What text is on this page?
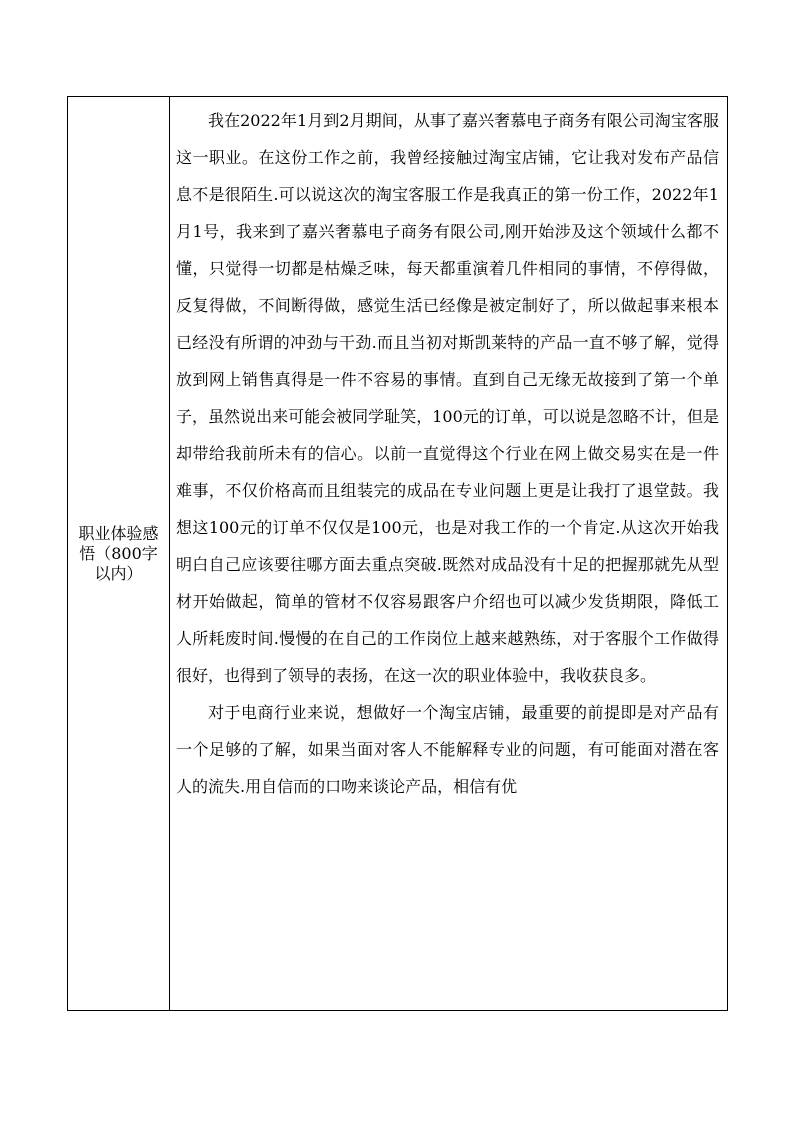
职业体验感悟（800字以内）

我在2022年1月到2月期间，从事了嘉兴奢慕电子商务有限公司淘宝客服这一职业。在这份工作之前，我曾经接触过淘宝店铺，它让我对发布产品信息不是很陌生.可以说这次的淘宝客服工作是我真正的第一份工作，2022年1月1号，我来到了嘉兴奢慕电子商务有限公司,刚开始涉及这个领域什么都不懂，只觉得一切都是枯燥乏味，每天都重演着几件相同的事情，不停得做，反复得做，不间断得做，感觉生活已经像是被定制好了，所以做起事来根本已经没有所谓的冲劲与干劲.而且当初对斯凯莱特的产品一直不够了解，觉得放到网上销售真得是一件不容易的事情。直到自己无缘无故接到了第一个单子，虽然说出来可能会被同学耻笑，100元的订单，可以说是忽略不计，但是却带给我前所未有的信心。以前一直觉得这个行业在网上做交易实在是一件难事，不仅价格高而且组装完的成品在专业问题上更是让我打了退堂鼓。我想这100元的订单不仅仅是100元，也是对我工作的一个肯定.从这次开始我明白自己应该要往哪方面去重点突破.既然对成品没有十足的把握那就先从型材开始做起，简单的管材不仅容易跟客户介绍也可以减少发货期限，降低工人所耗废时间.慢慢的在自己的工作岗位上越来越熟练，对于客服个工作做得很好，也得到了领导的表扬，在这一次的职业体验中，我收获良多。

对于电商行业来说，想做好一个淘宝店铺，最重要的前提即是对产品有一个足够的了解，如果当面对客人不能解释专业的问题，有可能面对潜在客人的流失.用自信而的口吻来谈论产品，相信有优
